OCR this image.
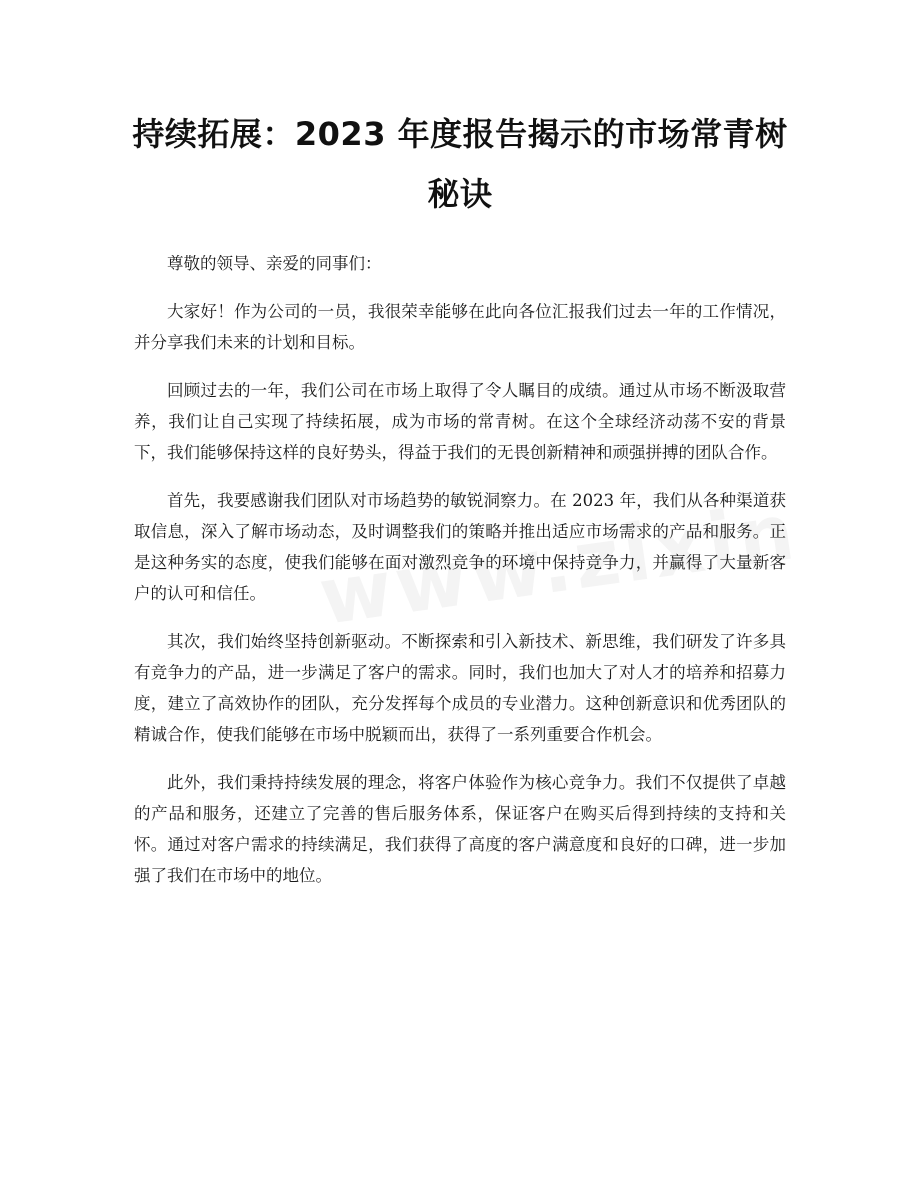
持续拓展：2023 年度报告揭示的市场常青树秘诀

尊敬的领导、亲爱的同事们：

大家好！作为公司的一员，我很荣幸能够在此向各位汇报我们过去一年的工作情况，并分享我们未来的计划和目标。

回顾过去的一年，我们公司在市场上取得了令人瞩目的成绩。通过从市场不断汲取营养，我们让自己实现了持续拓展，成为市场的常青树。在这个全球经济动荡不安的背景下，我们能够保持这样的良好势头，得益于我们的无畏创新精神和顽强拼搏的团队合作。

首先，我要感谢我们团队对市场趋势的敏锐洞察力。在 2023 年，我们从各种渠道获取信息，深入了解市场动态，及时调整我们的策略并推出适应市场需求的产品和服务。正是这种务实的态度，使我们能够在面对激烈竞争的环境中保持竞争力，并赢得了大量新客户的认可和信任。

其次，我们始终坚持创新驱动。不断探索和引入新技术、新思维，我们研发了许多具有竞争力的产品，进一步满足了客户的需求。同时，我们也加大了对人才的培养和招募力度，建立了高效协作的团队，充分发挥每个成员的专业潜力。这种创新意识和优秀团队的精诚合作，使我们能够在市场中脱颖而出，获得了一系列重要合作机会。

此外，我们秉持持续发展的理念，将客户体验作为核心竞争力。我们不仅提供了卓越的产品和服务，还建立了完善的售后服务体系，保证客户在购买后得到持续的支持和关怀。通过对客户需求的持续满足，我们获得了高度的客户满意度和良好的口碑，进一步加强了我们在市场中的地位。
